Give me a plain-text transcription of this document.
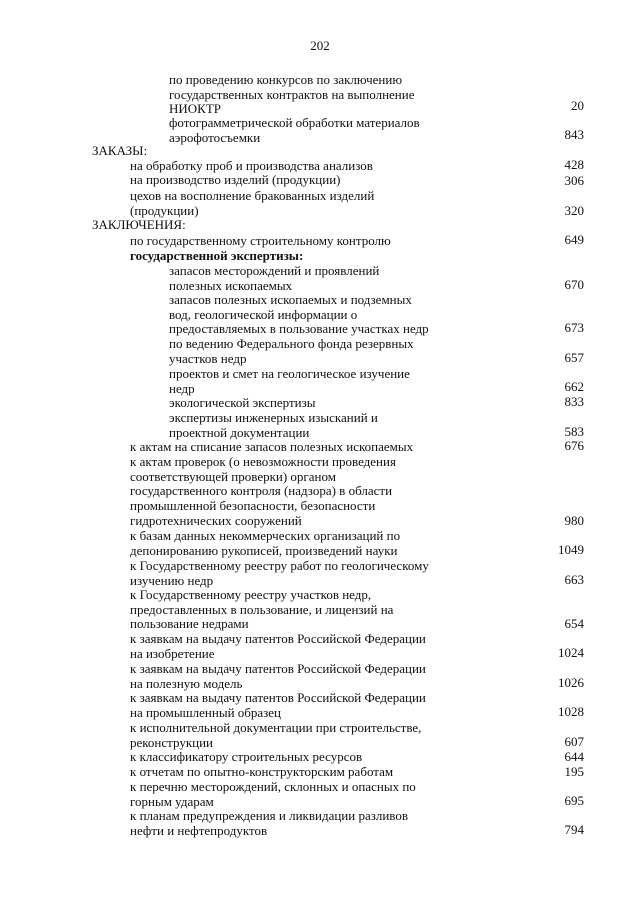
202
по проведению конкурсов по заключению
государственных контрактов на выполнение
НИОКТР	20
фотограмметрической обработки материалов
аэрофотосъемки	843
ЗАКАЗЫ:
на обработку проб и производства анализов	428
на производство изделий (продукции)	306
цехов на восполнение бракованных изделий
(продукции)	320
ЗАКЛЮЧЕНИЯ:
по государственному строительному контролю	649
государственной экспертизы:
запасов месторождений и проявлений
полезных ископаемых	670
запасов полезных ископаемых и подземных
вод, геологической информации о
предоставляемых в пользование участках недр	673
по ведению Федерального фонда резервных
участков недр	657
проектов и смет на геологическое изучение
недр	662
экологической экспертизы	833
экспертизы инженерных изысканий и
проектной документации	583
к актам на списание запасов полезных ископаемых	676
к актам проверок (о невозможности проведения
соответствующей проверки) органом
государственного контроля (надзора) в области
промышленной безопасности, безопасности
гидротехнических сооружений	980
к базам данных некоммерческих организаций по
депонированию рукописей, произведений науки	1049
к Государственному реестру работ по геологическому
изучению недр	663
к Государственному реестру участков недр,
предоставленных в пользование, и лицензий на
пользование недрами	654
к заявкам на выдачу патентов Российской Федерации
на изобретение	1024
к заявкам на выдачу патентов Российской Федерации
на полезную модель	1026
к заявкам на выдачу патентов Российской Федерации
на промышленный образец	1028
к исполнительной документации при строительстве,
реконструкции	607
к классификатору строительных ресурсов	644
к отчетам по опытно-конструкторским работам	195
к перечню месторождений, склонных и опасных по
горным ударам	695
к планам предупреждения и ликвидации разливов
нефти и нефтепродуктов	794
